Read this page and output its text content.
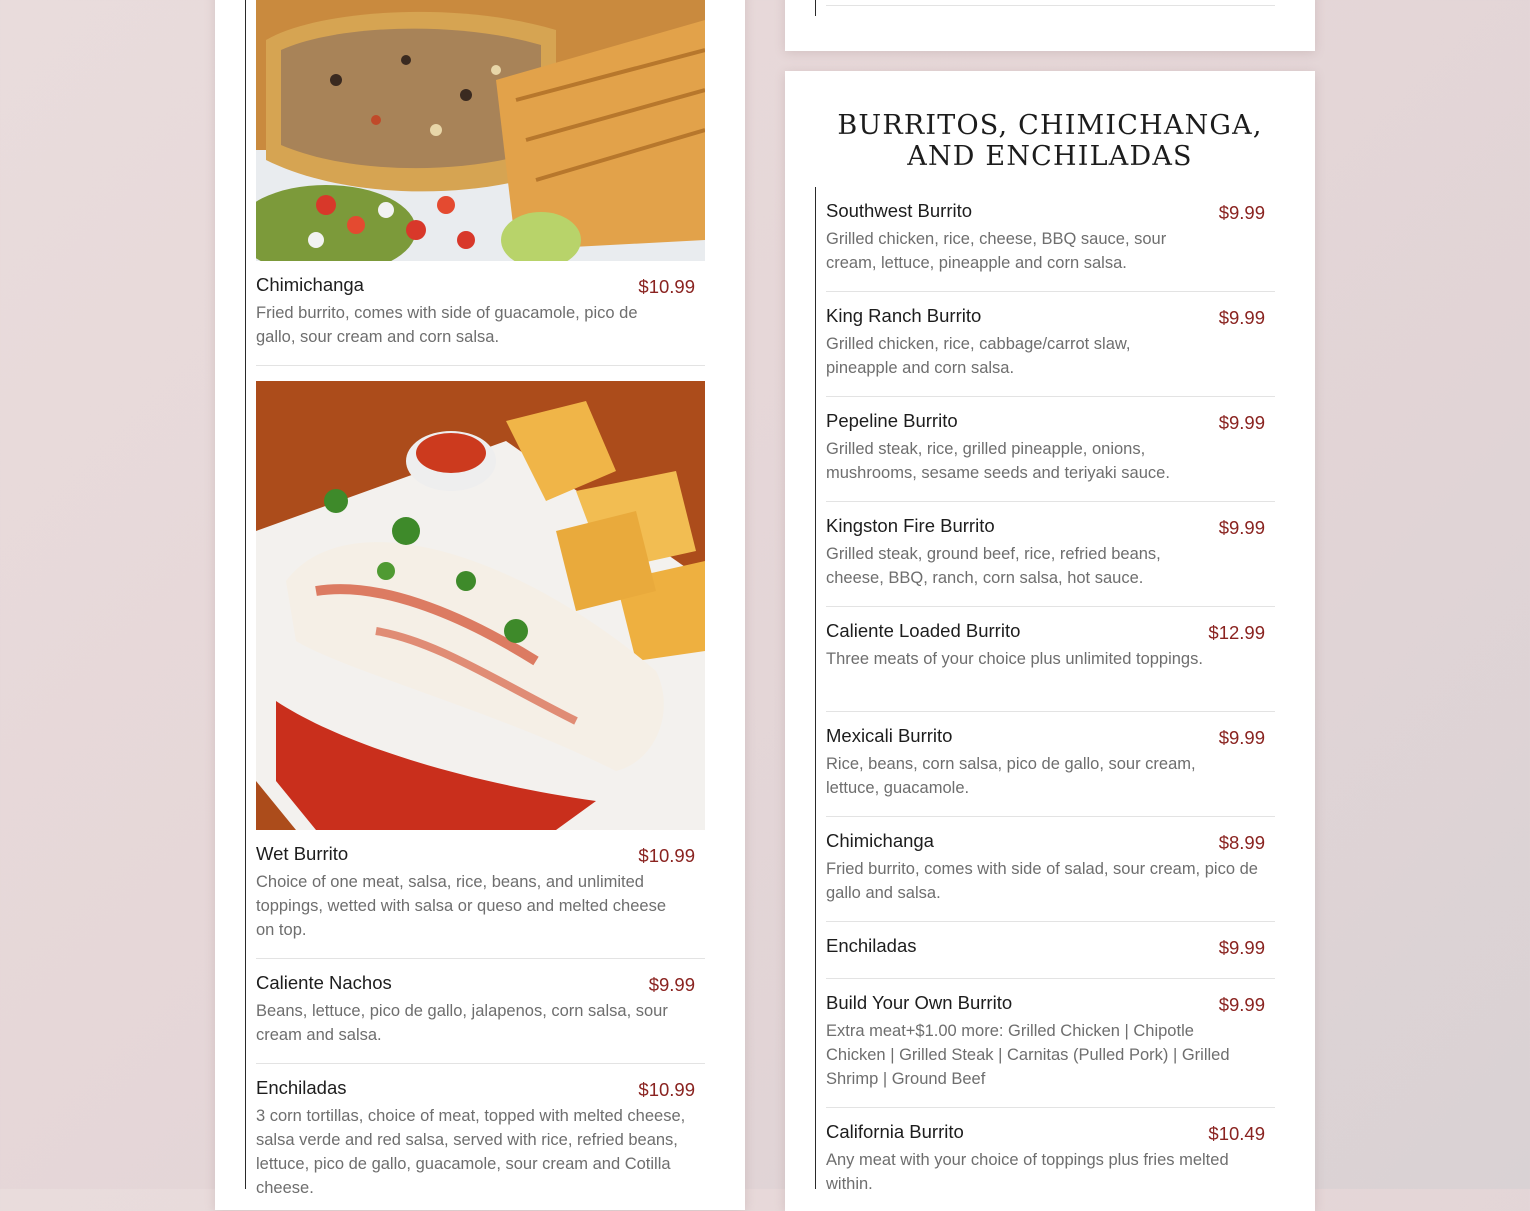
Chimichanga	$10.99
Fried burrito, comes with side of guacamole, pico de gallo, sour cream and corn salsa.
Wet Burrito	$10.99
Choice of one meat, salsa, rice, beans, and unlimited toppings, wetted with salsa or queso and melted cheese on top.
Caliente Nachos	$9.99
Beans, lettuce, pico de gallo, jalapenos, corn salsa, sour cream and salsa.
Enchiladas	$10.99
3 corn tortillas, choice of meat, topped with melted cheese, salsa verde and red salsa, served with rice, refried beans, lettuce, pico de gallo, guacamole, sour cream and Cotilla cheese.
BURRITOS, CHIMICHANGA,
AND ENCHILADAS
Southwest Burrito	$9.99
Grilled chicken, rice, cheese, BBQ sauce, sour cream, lettuce, pineapple and corn salsa.
King Ranch Burrito	$9.99
Grilled chicken, rice, cabbage/carrot slaw, pineapple and corn salsa.
Pepeline Burrito	$9.99
Grilled steak, rice, grilled pineapple, onions, mushrooms, sesame seeds and teriyaki sauce.
Kingston Fire Burrito	$9.99
Grilled steak, ground beef, rice, refried beans, cheese, BBQ, ranch, corn salsa, hot sauce.
Caliente Loaded Burrito	$12.99
Three meats of your choice plus unlimited toppings.
Mexicali Burrito	$9.99
Rice, beans, corn salsa, pico de gallo, sour cream, lettuce, guacamole.
Chimichanga	$8.99
Fried burrito, comes with side of salad, sour cream, pico de gallo and salsa.
Enchiladas	$9.99
Build Your Own Burrito	$9.99
Extra meat+$1.00 more: Grilled Chicken | Chipotle Chicken | Grilled Steak | Carnitas (Pulled Pork) | Grilled Shrimp | Ground Beef
California Burrito	$10.49
Any meat with your choice of toppings plus fries melted within.
